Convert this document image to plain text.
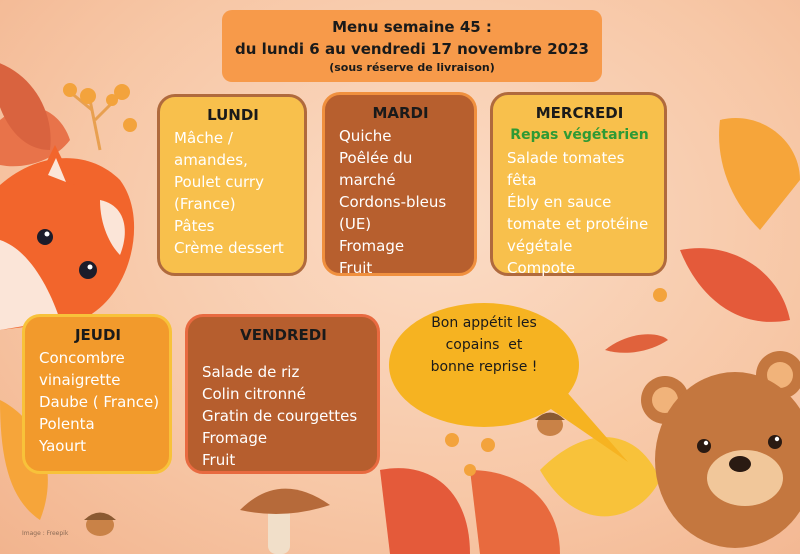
Menu semaine 45 :
du lundi 6 au vendredi 17 novembre 2023
(sous réserve de livraison)
LUNDI
Mâche /
amandes,
Poulet curry
(France)
Pâtes
Crème dessert
MARDI
Quiche
Poêlée du
marché
Cordons-bleus
(UE)
Fromage
Fruit
MERCREDI
Repas végétarien
Salade tomates
fêta
Ébly en sauce
tomate et protéine
végétale
Compote
JEUDI
Concombre
vinaigrette
Daube ( France)
Polenta
Yaourt
VENDREDI
Salade de riz
Colin citronné
Gratin de courgettes
Fromage
Fruit

Bon appétit les

copains  et

bonne reprise !

Image : Freepik
